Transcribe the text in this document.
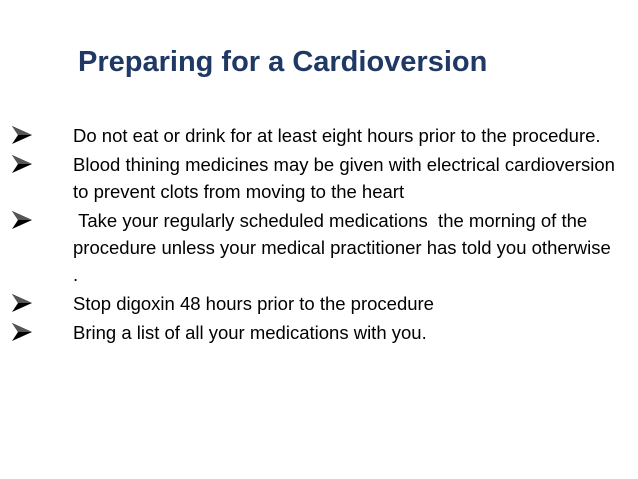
Preparing for a Cardioversion
Do not eat or drink for at least eight hours prior to the procedure.
Blood thining medicines may be given with electrical cardioversion to prevent clots from moving to the heart
Take your regularly scheduled medications  the morning of the procedure unless your medical practitioner has told you otherwise .
Stop digoxin 48 hours prior to the procedure
Bring a list of all your medications with you.
